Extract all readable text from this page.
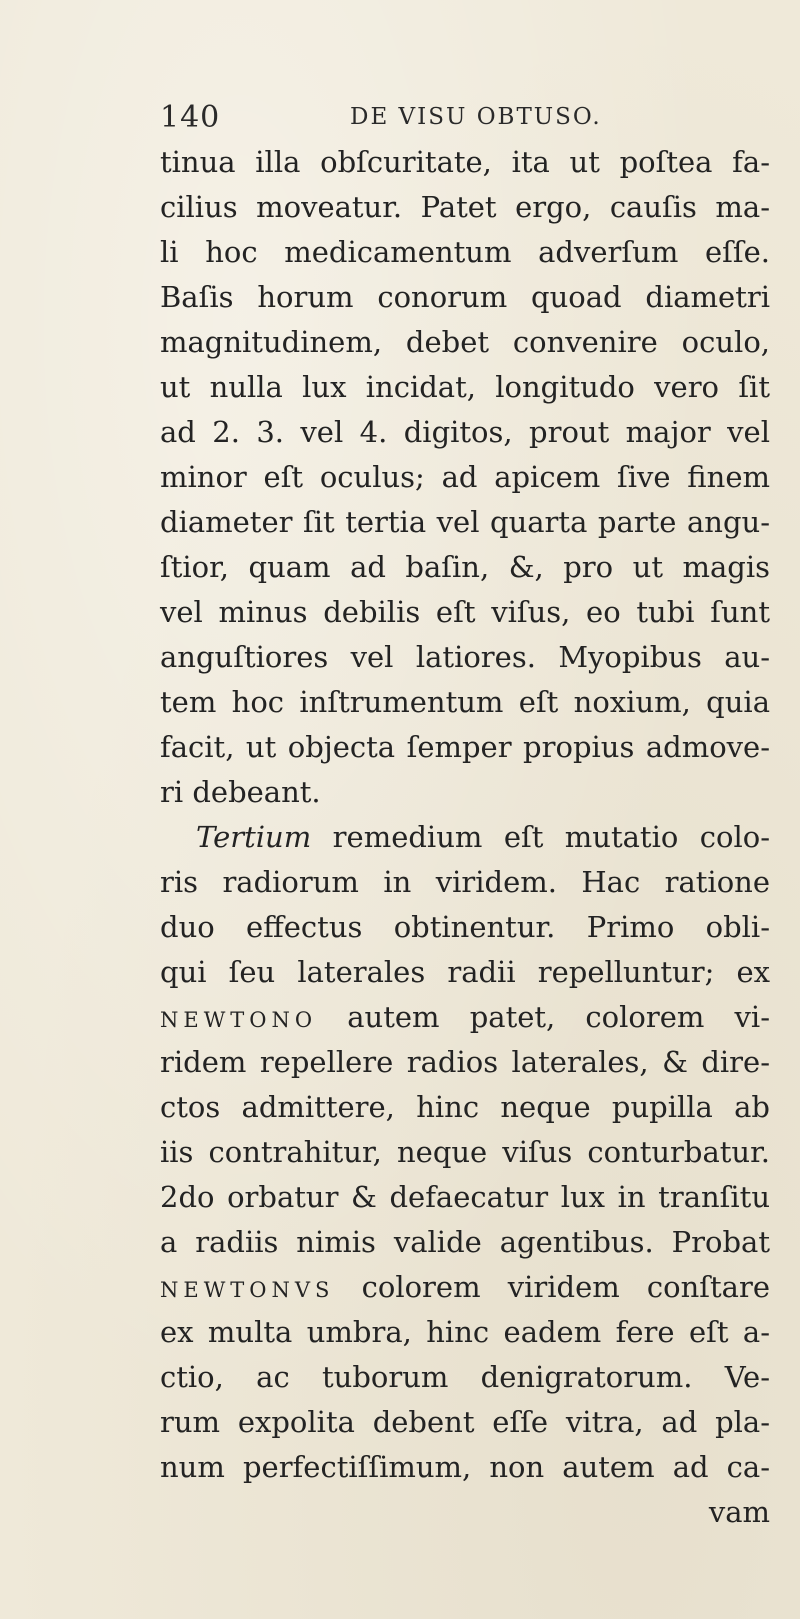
140	DE VISU OBTUSO.
tinua illa obſcuritate, ita ut poſtea fa-
cilius moveatur. Patet ergo, cauſis ma-
li hoc medicamentum adverſum eſſe.
Baſis horum conorum quoad diametri
magnitudinem, debet convenire oculo,
ut nulla lux incidat, longitudo vero ſit
ad 2. 3. vel 4. digitos, prout major vel
minor eſt oculus; ad apicem ſive finem
diameter ſit tertia vel quarta parte angu-
ſtior, quam ad baſin, &, pro ut magis
vel minus debilis eſt viſus, eo tubi ſunt
anguſtiores vel latiores. Myopibus au-
tem hoc inſtrumentum eſt noxium, quia
facit, ut objecta ſemper propius admove-
ri debeant.
Tertium remedium eſt mutatio colo-
ris radiorum in viridem. Hac ratione
duo effectus obtinentur. Primo obli-
qui ſeu laterales radii repelluntur; ex
NEWTONO autem patet, colorem vi-
ridem repellere radios laterales, & dire-
ctos admittere, hinc neque pupilla ab
iis contrahitur, neque viſus conturbatur.
2do orbatur & defaecatur lux in tranſitu
a radiis nimis valide agentibus. Probat
NEWTONVS colorem viridem conſtare
ex multa umbra, hinc eadem fere eſt a-
ctio, ac tuborum denigratorum. Ve-
rum expolita debent eſſe vitra, ad pla-
num perfectiſſimum, non autem ad ca-
vam
